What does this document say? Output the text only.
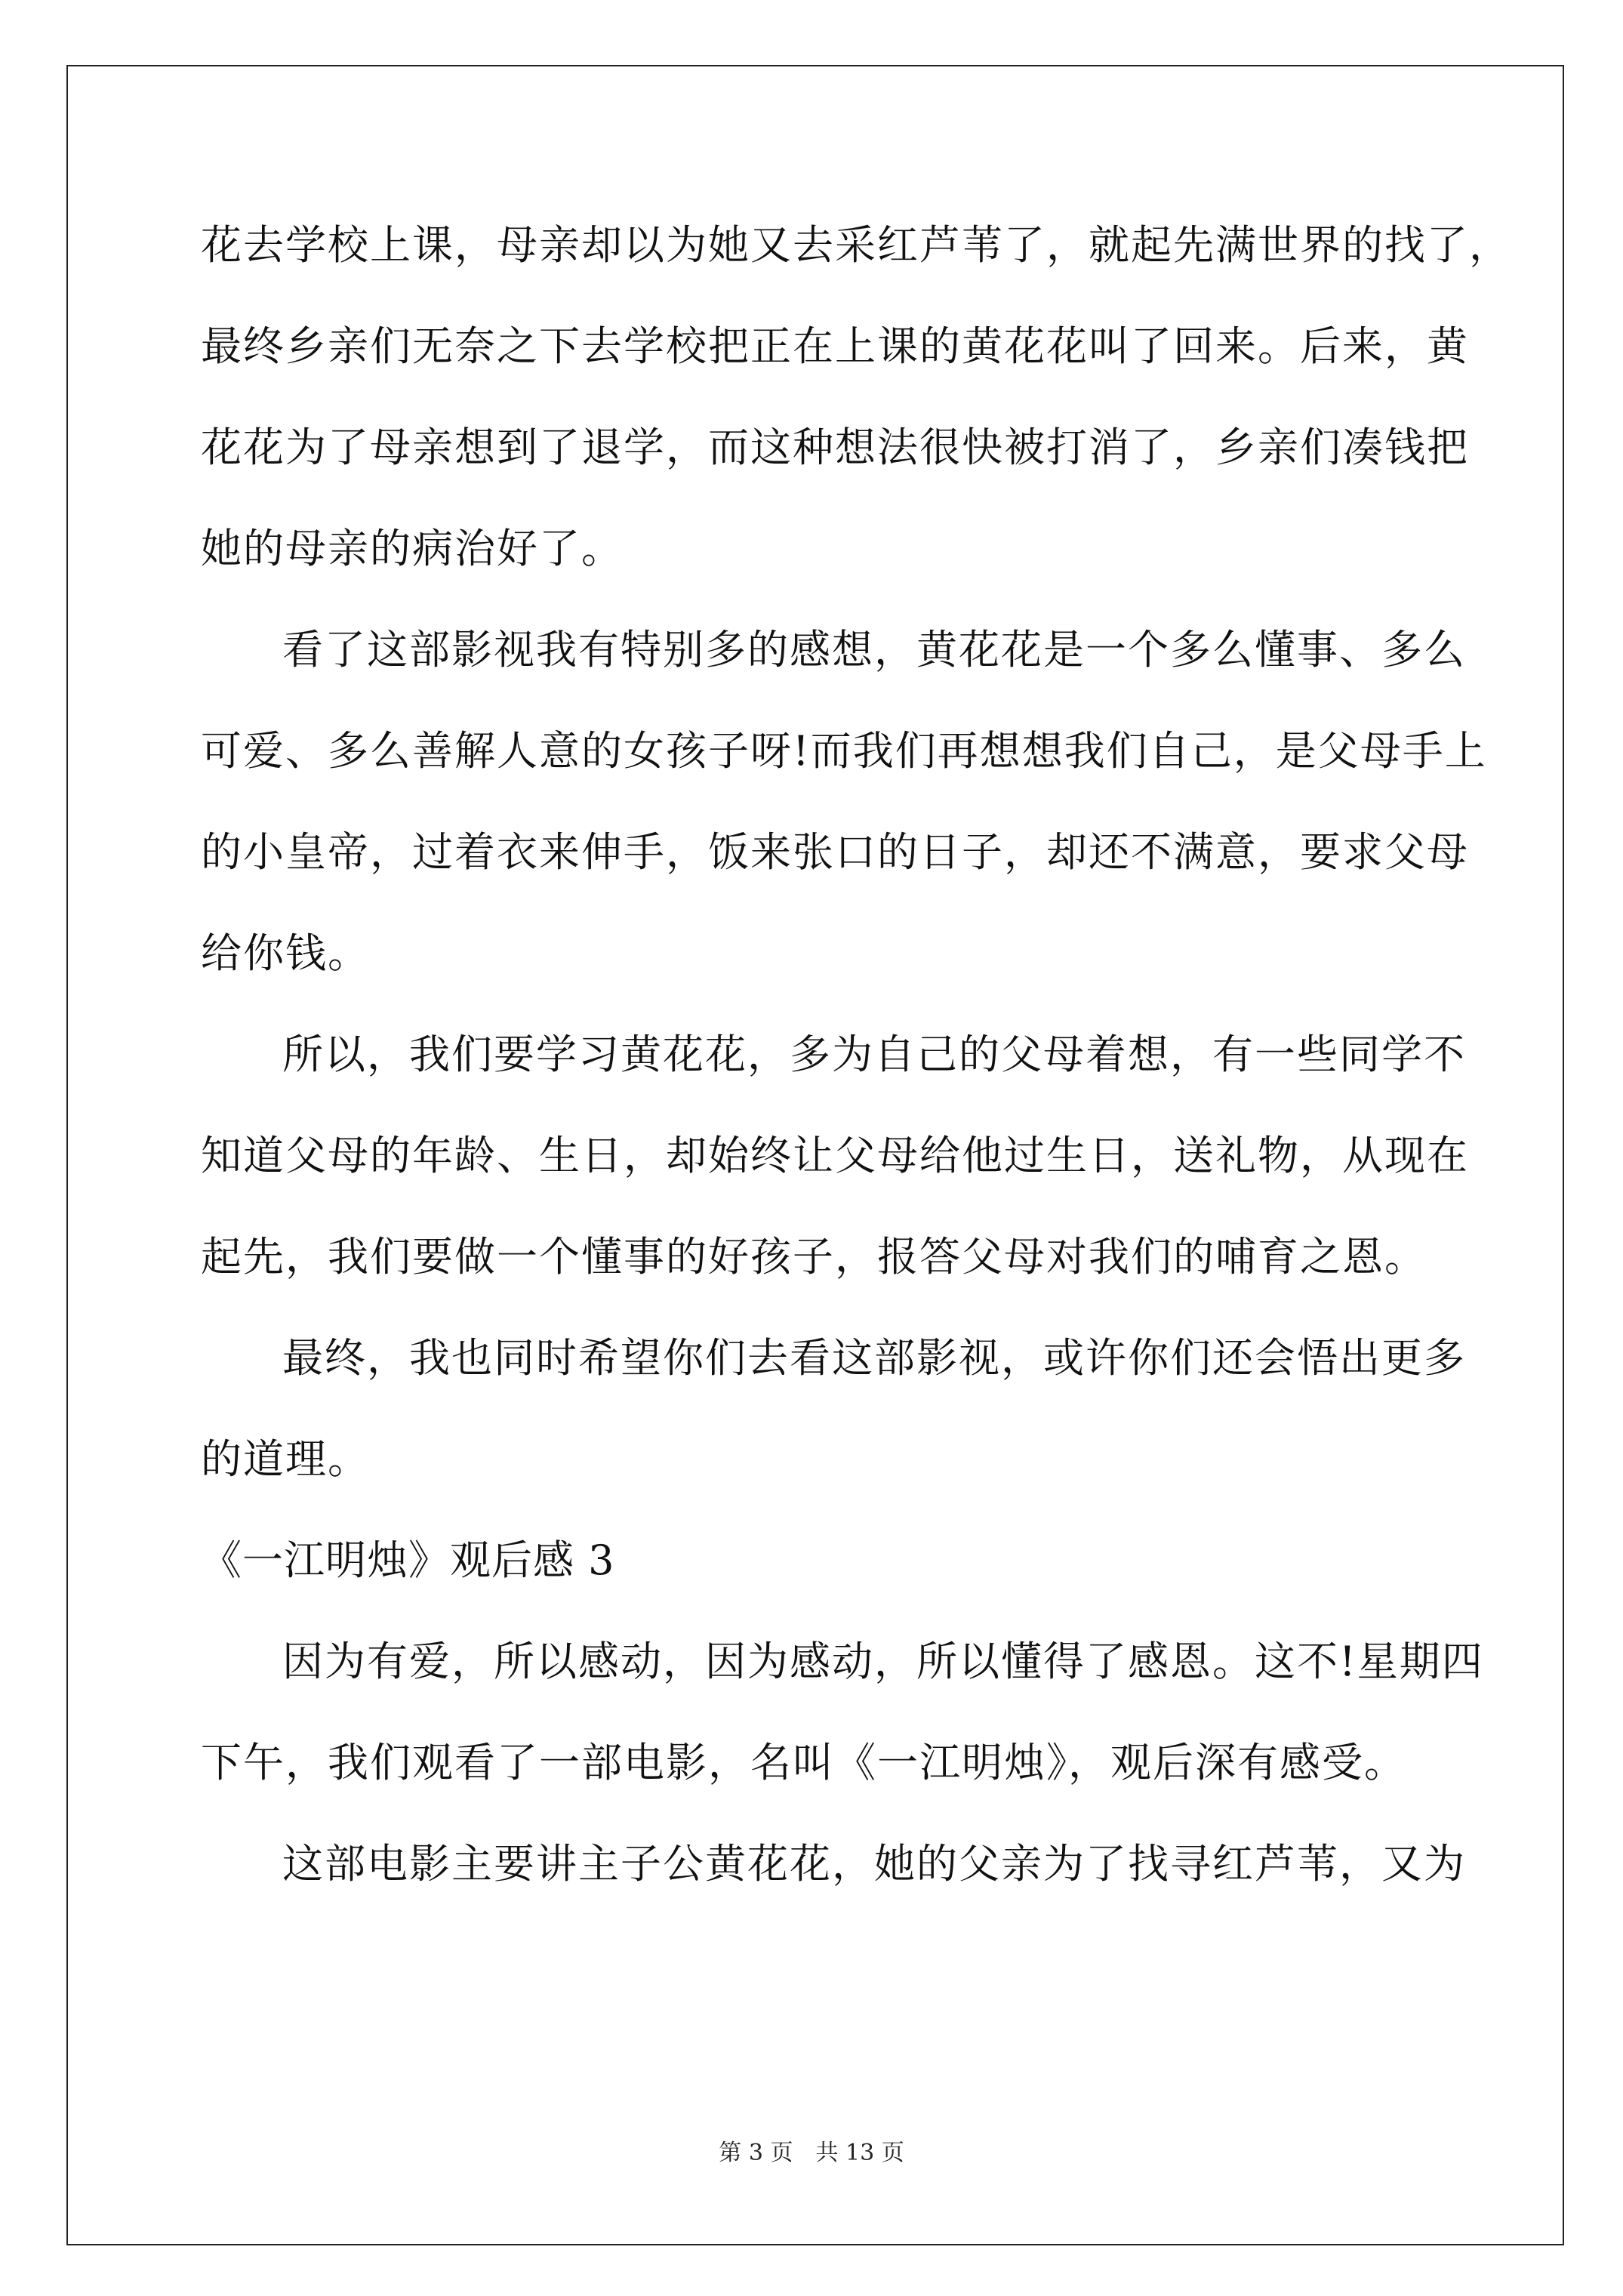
花去学校上课，母亲却以为她又去采红芦苇了，就起先满世界的找了，
最终乡亲们无奈之下去学校把正在上课的黄花花叫了回来。后来，黄
花花为了母亲想到了退学，而这种想法很快被打消了，乡亲们凑钱把
她的母亲的病治好了。
看了这部影视我有特别多的感想，黄花花是一个多么懂事、多么
可爱、多么善解人意的女孩子呀!而我们再想想我们自己，是父母手上
的小皇帝，过着衣来伸手，饭来张口的日子，却还不满意，要求父母
给你钱。
所以，我们要学习黄花花，多为自己的父母着想，有一些同学不
知道父母的年龄、生日，却始终让父母给他过生日，送礼物，从现在
起先，我们要做一个懂事的好孩子，报答父母对我们的哺育之恩。
最终，我也同时希望你们去看这部影视，或许你们还会悟出更多
的道理。
《一江明烛》观后感 3
因为有爱，所以感动，因为感动，所以懂得了感恩。这不!星期四
下午，我们观看了一部电影，名叫《一江明烛》，观后深有感受。
这部电影主要讲主子公黄花花，她的父亲为了找寻红芦苇，又为
第 3 页　共 13 页
